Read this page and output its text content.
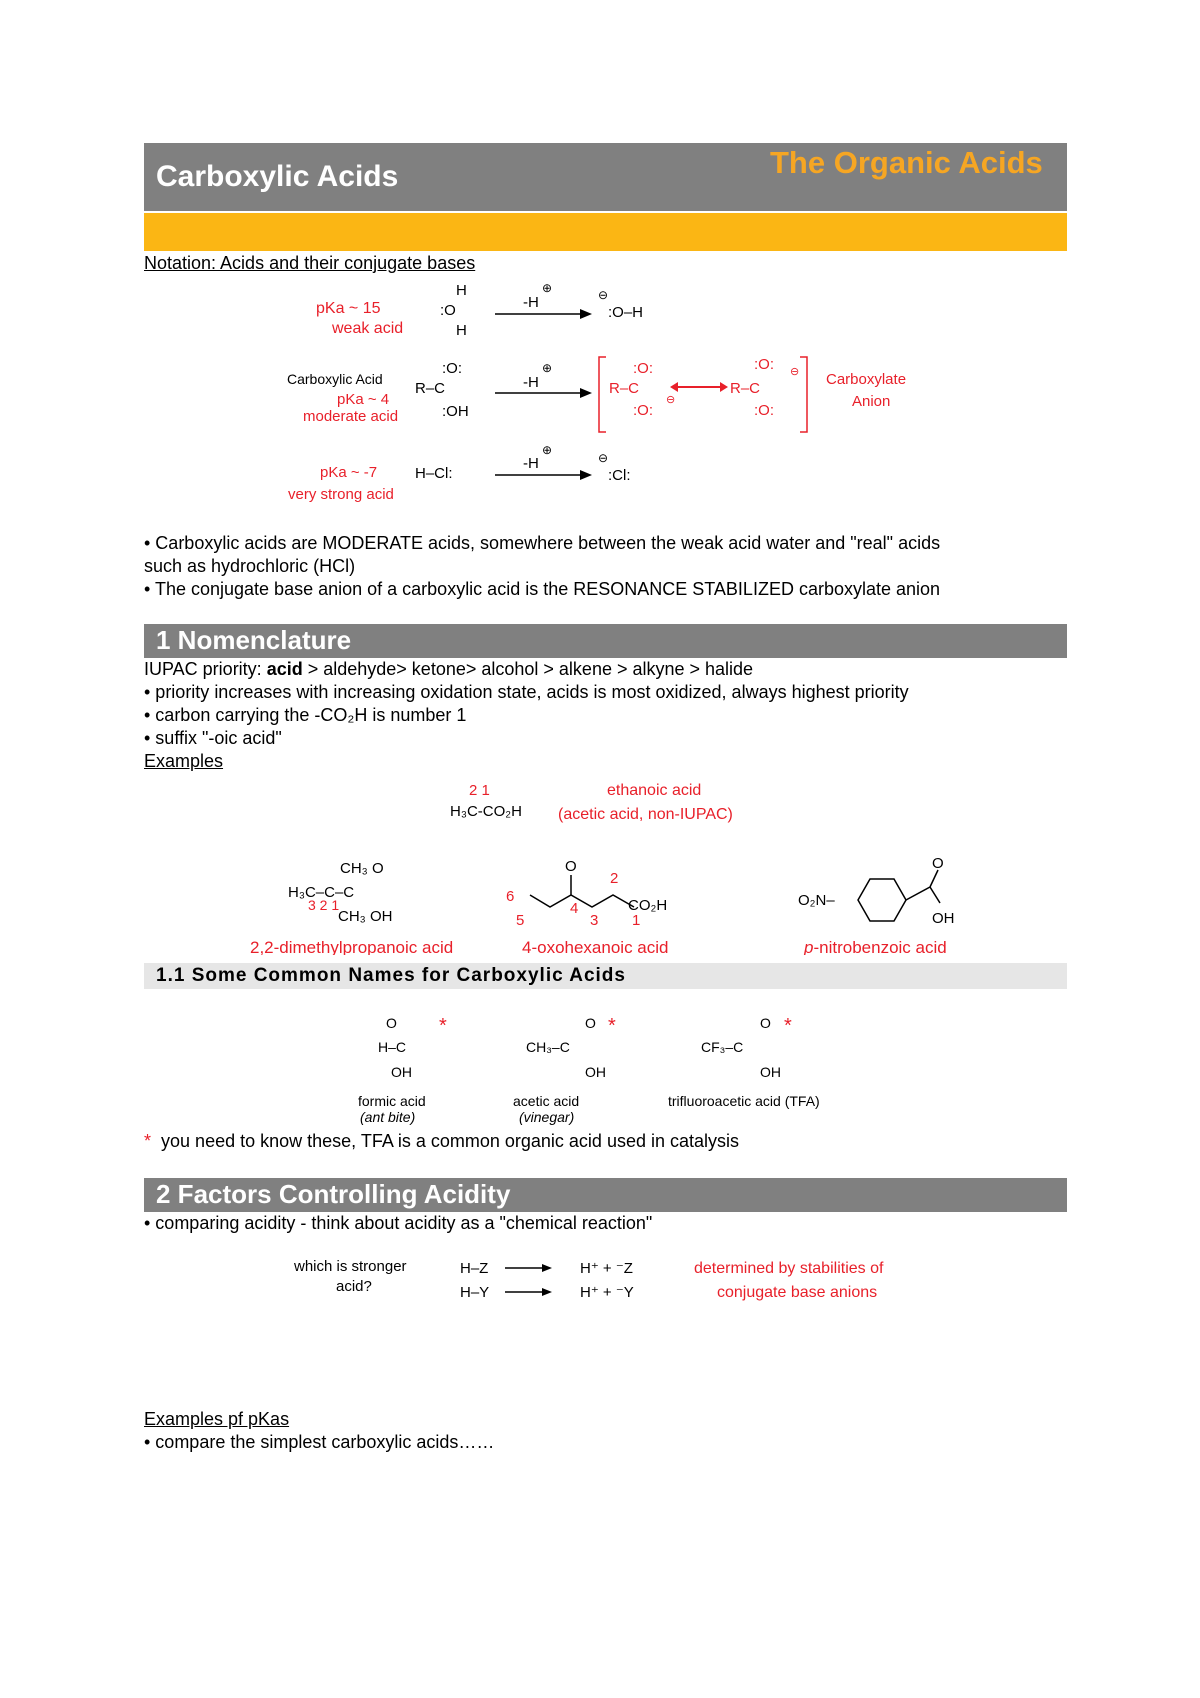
Carboxylic Acids	The Organic Acids
Notation: Acids and their conjugate bases
pKa ~ 15
weak acid
H
:O
H
-H
⊕	⊖
:O–H
Carboxylic Acid
pKa ~ 4
moderate acid
R–C
:O:
:OH
-H
⊕
R–C
:O:
:O:
⊖
R–C
:O:
:O:
⊖ Carboxylate
Anion
pKa ~ -7
very strong acid
H–Cl:
-H
⊕
⊖
:Cl:
• Carboxylic acids are MODERATE acids, somewhere between the weak acid water and "real" acids
such as hydrochloric (HCl)
• The conjugate base anion of a carboxylic acid is the RESONANCE STABILIZED carboxylate anion
1 Nomenclature
IUPAC priority: acid > aldehyde> ketone> alcohol > alkene > alkyne > halide
• priority increases with increasing oxidation state, acids is most oxidized, always highest priority
• carbon carrying the -CO₂H is number 1
• suffix "-oic acid"
Examples
2 1
H₃C-CO₂H
ethanoic acid
(acetic acid, non-IUPAC)
CH₃ O
H₃C–C–C
3 2 1
CH₃ OH
2,2-dimethylpropanoic acid
O
6
2
4
5	3 1
CO₂H
4-oxohexanoic acid
O₂N–
O
OH
p-nitrobenzoic acid
1.1 Some Common Names for Carboxylic Acids
O
H–C
OH
*
formic acid
(ant bite)
O
CH₃–C
OH
*
acetic acid
(vinegar)
O
CF₃–C
OH
*
trifluoroacetic acid (TFA)
* you need to know these, TFA is a common organic acid used in catalysis
2 Factors Controlling Acidity
• comparing acidity - think about acidity as a "chemical reaction"
which is stronger
acid?
H–Z	H⁺ + ⁻Z
H–Y	H⁺ + ⁻Y
determined by stabilities of
conjugate base anions
Examples pf pKas
• compare the simplest carboxylic acids……
